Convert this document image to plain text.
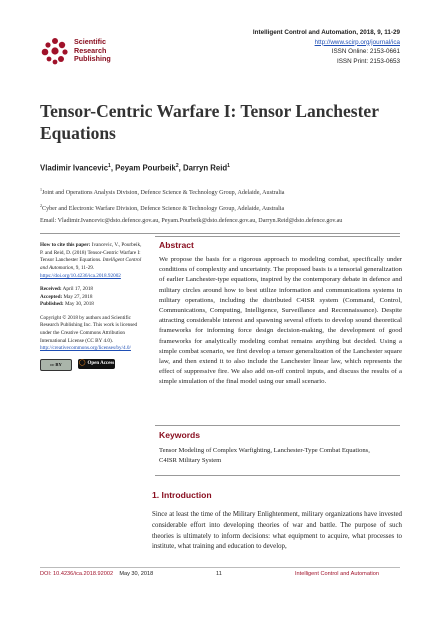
Scientific
Research
Publishing
Intelligent Control and Automation, 2018, 9, 11-29
http://www.scirp.org/journal/ica
ISSN Online: 2153-0661
ISSN Print: 2153-0653
Tensor-Centric Warfare I: Tensor Lanchester Equations
Vladimir Ivancevic$^1$, Peyam Pourbeik$^2$, Darryn Reid$^1$
$^1$Joint and Operations Analysis Division, Defence Science & Technology Group, Adelaide, Australia
$^2$Cyber and Electronic Warfare Division, Defence Science & Technology Group, Adelaide, Australia
Email: Vladimir.Ivancevic@dsto.defence.gov.au, Peyam.Pourbeik@dsto.defence.gov.au, Darryn.Reid@dsto.defence.gov.au

How to cite this paper: Ivancevic, V., Pourbeik, P. and Reid, D. (2018) Tensor-Centric Warfare I: Tensor Lanchester Equations. Intelligent Control and Automation, 9, 11-29.
https://doi.org/10.4236/ica.2018.92002

Received: April 17, 2018
Accepted: May 27, 2018
Published: May 30, 2018

Copyright © 2018 by authors and Scientific Research Publishing Inc. This work is licensed under the Creative Commons Attribution International License (CC BY 4.0).
http://creativecommons.org/licenses/by/4.0/

cc BY	◯ Open Access
Abstract
We propose the basis for a rigorous approach to modeling combat, specifically under conditions of complexity and uncertainty. The proposed basis is a tensorial generalization of earlier Lanchester-type equations, inspired by the contemporary debate in defence and military circles around how to best utilize information and communications systems in military operations, including the distributed C4ISR system (Command, Control, Communications, Computing, Intelligence, Surveillance and Reconnaissance). Despite attracting considerable interest and spawning several efforts to develop sound theoretical frameworks for informing force design decision-making, the development of good frameworks for analytically modeling combat remains anything but decided. Using a simple combat scenario, we first develop a tensor generalization of the Lanchester square law, and then extend it to also include the Lanchester linear law, which represents the effect of suppressive fire. We also add on-off control inputs, and discuss the results of a simple simulation of the final model using our small scenario.
Keywords
Tensor Modeling of Complex Warfighting, Lanchester-Type Combat Equations, C4ISR Military System
1. Introduction

Since at least the time of the Military Enlightenment, military organizations have invested considerable effort into developing theories of war and battle. The purpose of such theories is ultimately to inform decisions: what equipment to acquire, what processes to institute, what training and education to develop,

DOI: 10.4236/ica.2018.92002 May 30, 2018	11	Intelligent Control and Automation
